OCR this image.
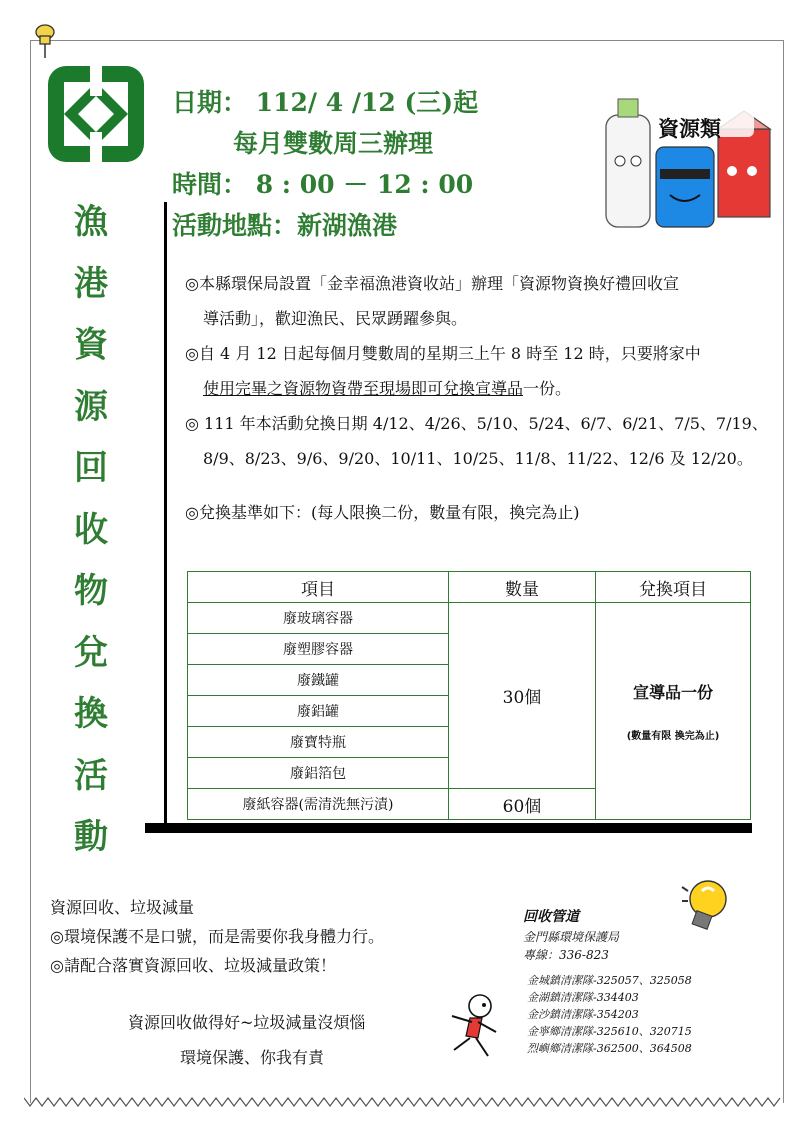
日期： 112/ 4 /12 (三)起
每月雙數周三辦理
時間： 8 : 00 － 12 : 00
活動地點：新湖漁港
資源類
漁
港
資
源
回
收
物
兌
換
活
動

◎本縣環保局設置「金幸福漁港資收站」辦理「資源物資換好禮回收宣

導活動」，歡迎漁民、民眾踴躍參與。

◎自 4 月 12 日起每個月雙數周的星期三上午 8 時至 12 時，只要將家中

使用完畢之資源物資帶至現場即可兌換宣導品一份。

◎ 111 年本活動兌換日期 4/12、4/26、5/10、5/24、6/7、6/21、7/5、7/19、

8/9、8/23、9/6、9/20、10/11、10/25、11/8、11/22、12/6 及 12/20。

◎兌換基準如下：(每人限換二份，數量有限，換完為止)
項目	數量	兌換項目
廢玻璃容器	30個	宣導品一份
(數量有限 換完為止)

廢塑膠容器		
廢鐵罐		
廢鋁罐		
廢寶特瓶		
廢鋁箔包		
廢紙容器(需清洗無污漬)	60個	

資源回收、垃圾減量

◎環境保護不是口號，而是需要你我身體力行。

◎請配合落實資源回收、垃圾減量政策！

資源回收做得好~垃圾減量沒煩惱
環境保護、你我有責
回收管道
金門縣環境保護局
專線：336-823
金城鎮清潔隊-325057、325058
金湖鎮清潔隊-334403
金沙鎮清潔隊-354203
金寧鄉清潔隊-325610、320715
烈嶼鄉清潔隊-362500、364508
